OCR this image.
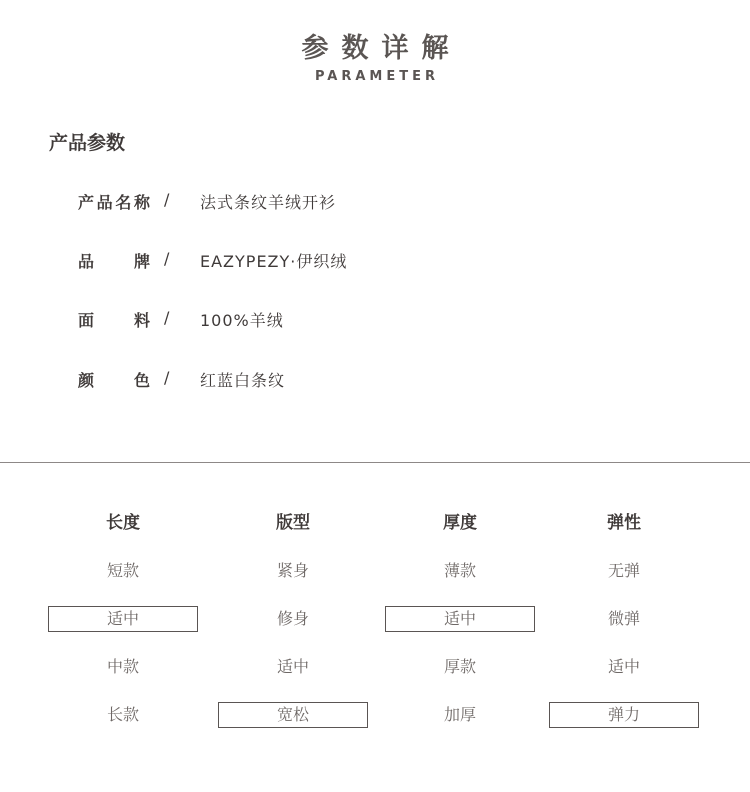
参数详解
PARAMETER
产品参数
产 品 名 称 / 法式条纹羊绒开衫
品 牌 / EAZYPEZY·伊织绒
面 料 / 100%羊绒
颜 色 / 红蓝白条纹
长度
短款
适中
中款
长款
版型
紧身
修身
适中
宽松
厚度
薄款
适中
厚款
加厚
弹性
无弹
微弹
适中
弹力
